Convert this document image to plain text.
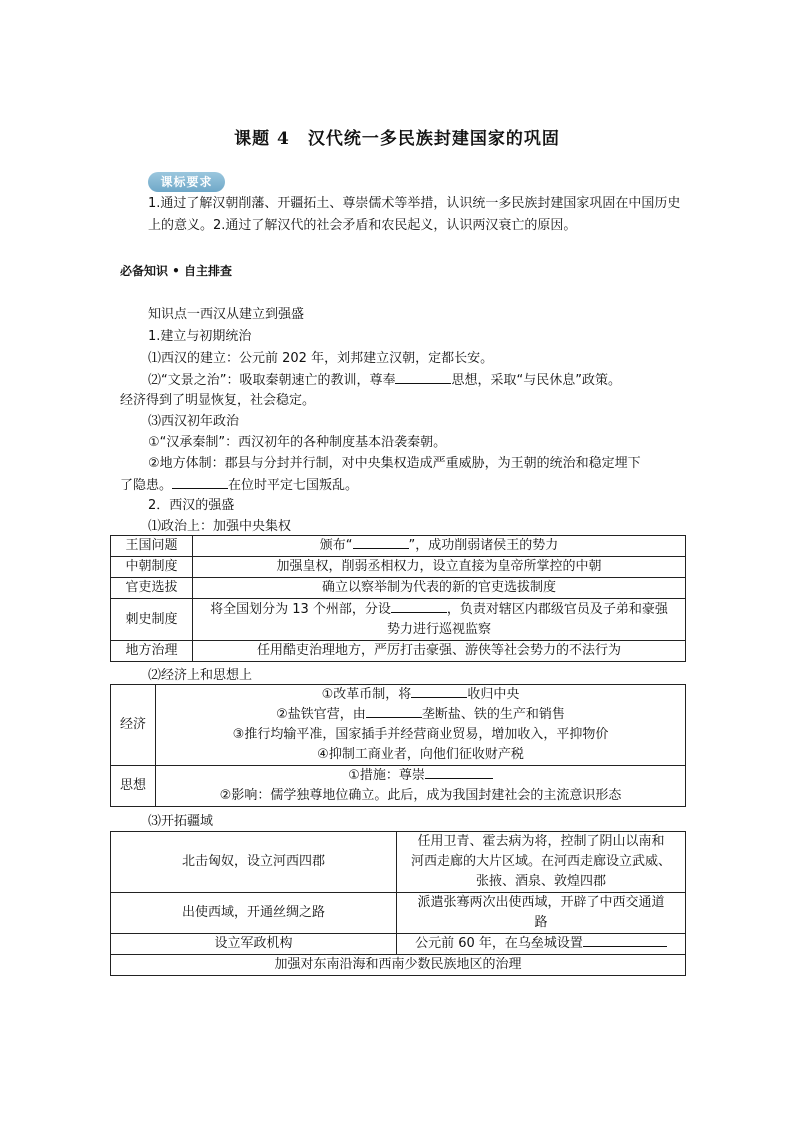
课题 4　汉代统一多民族封建国家的巩固
课标要求
1.通过了解汉朝削藩、开疆拓土、尊崇儒术等举措，认识统一多民族封建国家巩固在中国历史上的意义。2.通过了解汉代的社会矛盾和农民起义，认识两汉衰亡的原因。
必备知识 • 自主排查
知识点一西汉从建立到强盛
1.建立与初期统治
⑴西汉的建立：公元前 202 年，刘邦建立汉朝，定都长安。
⑵“文景之治”：吸取秦朝速亡的教训，尊奉	思想，采取“与民休息”政策。
经济得到了明显恢复，社会稳定。
⑶西汉初年政治
①“汉承秦制”：西汉初年的各种制度基本沿袭秦朝。
②地方体制：郡县与分封并行制，对中央集权造成严重威胁，为王朝的统治和稳定埋下
了隐患。	在位时平定七国叛乱。
2．西汉的强盛
⑴政治上：加强中央集权
王国问题	颁布“ ”，成功削弱诸侯王的势力
中朝制度	加强皇权，削弱丞相权力，设立直接为皇帝所掌控的中朝
官吏选拔	确立以察举制为代表的新的官吏选拔制度
刺史制度	将全国划分为 13 个州部，分设 ，负责对辖区内郡级官员及子弟和豪强
势力进行巡视监察
地方治理	任用酷吏治理地方，严厉打击豪强、游侠等社会势力的不法行为
⑵经济上和思想上
经济	①改革币制，将 收归中央
②盐铁官营，由 垄断盐、铁的生产和销售
③推行均输平准，国家插手并经营商业贸易，增加收入，平抑物价
④抑制工商业者，向他们征收财产税

思想	①措施：尊崇
②影响：儒学独尊地位确立。此后，成为我国封建社会的主流意识形态
⑶开拓疆域
北击匈奴，设立河西四郡	任用卫青、霍去病为将，控制了阴山以南和
河西走廊的大片区域。在河西走廊设立武威、
张掖、酒泉、敦煌四郡

出使西域，开通丝绸之路	派遣张骞两次出使西域，开辟了中西交通道
路

设立军政机构	公元前 60 年，在乌垒城设置
加强对东南沿海和西南少数民族地区的治理	
